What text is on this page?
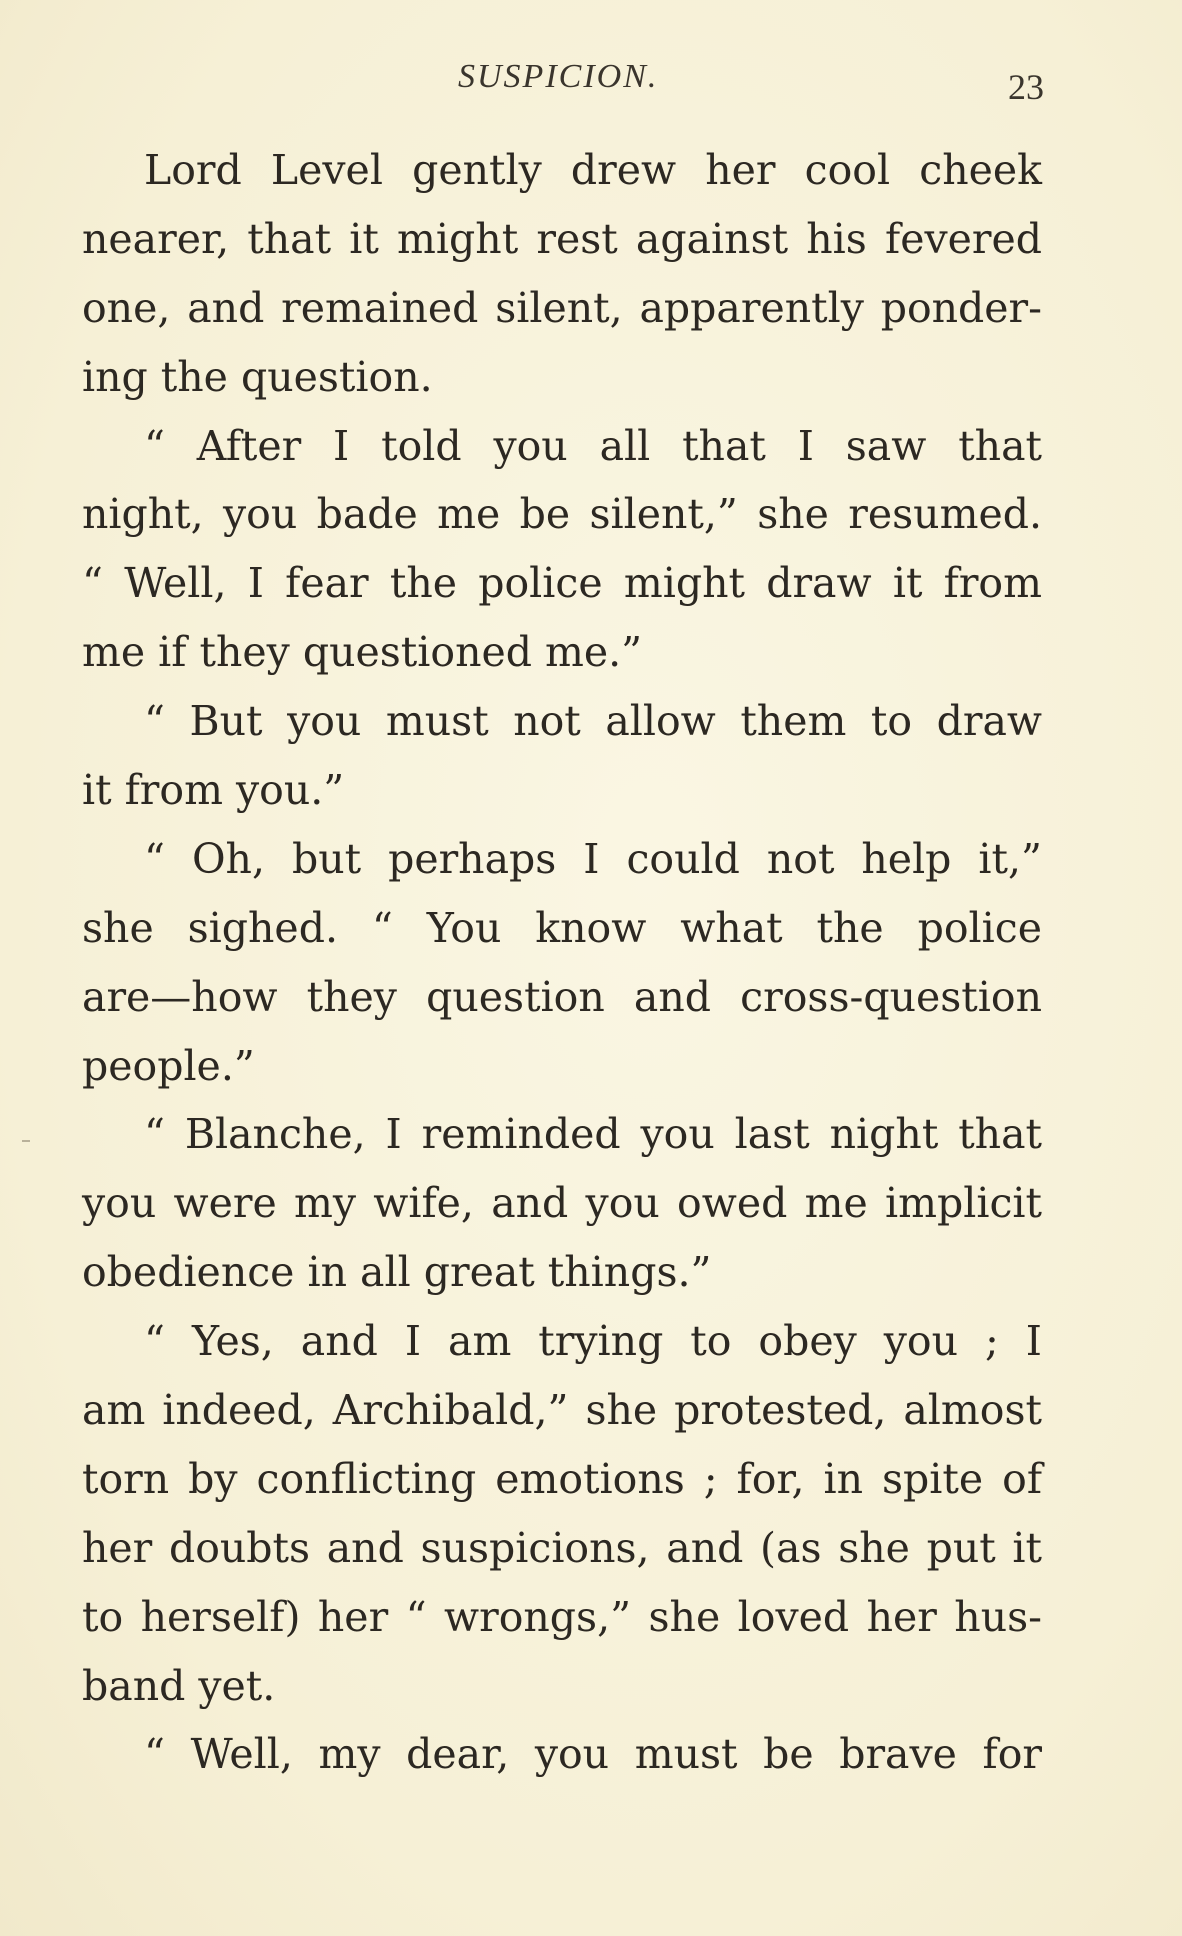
SUSPICION.	23
Lord Level gently drew her cool cheek
nearer, that it might rest against his fevered
one, and remained silent, apparently ponder-
ing the question.
“ After I told you all that I saw that
night, you bade me be silent,” she resumed.
“ Well, I fear the police might draw it from
me if they questioned me.”
“ But you must not allow them to draw
it from you.”
“ Oh, but perhaps I could not help it,”
she sighed. “ You know what the police
are—how they question and cross-question
people.”
“ Blanche, I reminded you last night that
you were my wife, and you owed me implicit
obedience in all great things.”
“ Yes, and I am trying to obey you ; I
am indeed, Archibald,” she protested, almost
torn by conflicting emotions ; for, in spite of
her doubts and suspicions, and (as she put it
to herself) her “ wrongs,” she loved her hus-
band yet.
“ Well, my dear, you must be brave for
